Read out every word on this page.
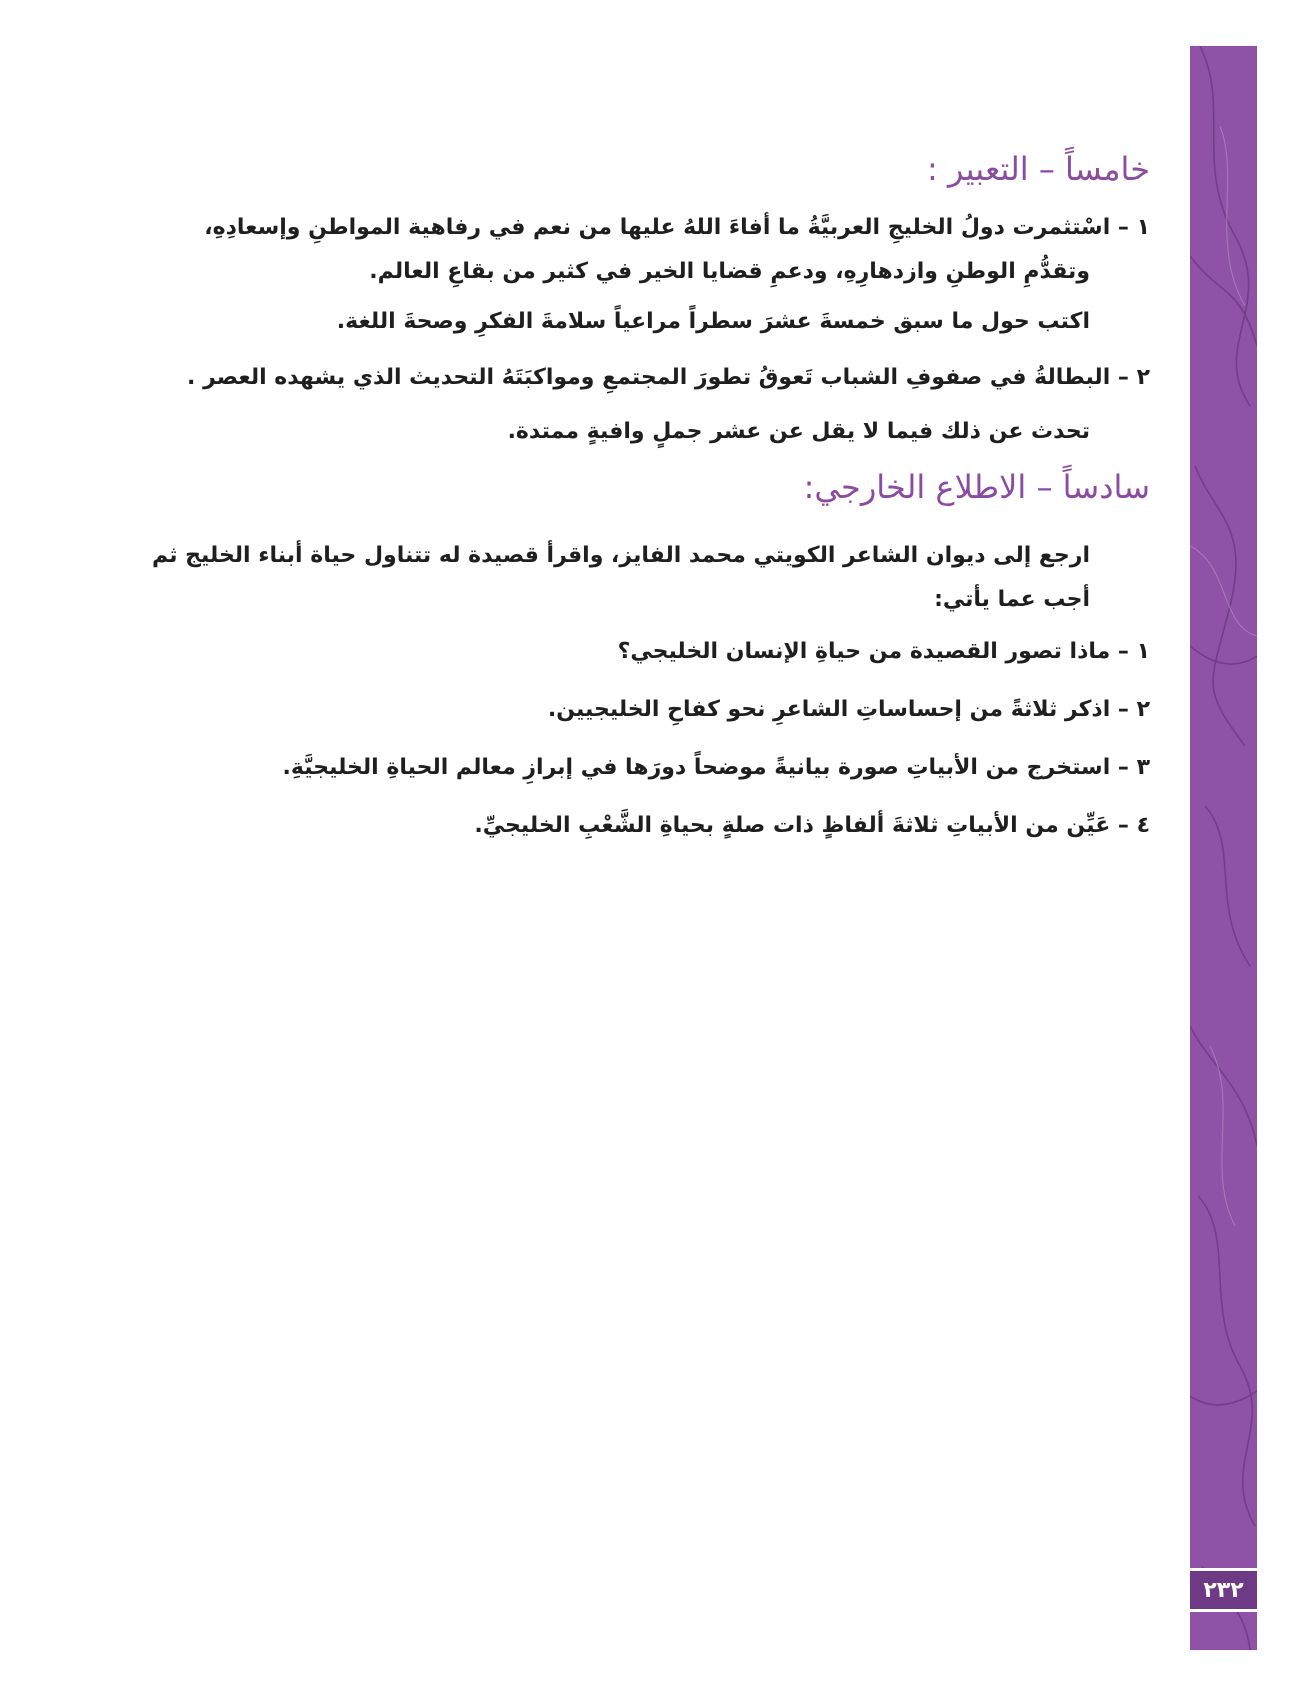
٢٣٢
خامساً – التعبير :

١ – اسْتثمرت دولُ الخليجِ العربيَّةُ ما أفاءَ اللهُ عليها من نعم في رفاهية المواطنِ وإسعادِهِ، وتقدُّمِ الوطنِ وازدهارِهِ، ودعمِ قضايا الخير في كثير من بقاعِ العالم.

اكتب حول ما سبق خمسةَ عشرَ سطراً مراعياً سلامةَ الفكرِ وصحةَ اللغة.

٢ – البطالةُ في صفوفِ الشباب تَعوقُ تطورَ المجتمعِ ومواكبَتَهُ التحديث الذي يشهده العصر .

تحدث عن ذلك فيما لا يقل عن عشر جملٍ وافيةٍ ممتدة.

سادساً – الاطلاع الخارجي:

ارجع إلى ديوان الشاعر الكويتي محمد الفايز، واقرأ قصيدة له تتناول حياة أبناء الخليج ثم أجب عما يأتي:

١ – ماذا تصور القصيدة من حياةِ الإنسان الخليجي؟

٢ – اذكر ثلاثةً من إحساساتِ الشاعرِ نحو كفاحِ الخليجيين.

٣ – استخرج من الأبياتِ صورة بيانيةً موضحاً دورَها في إبرازِ معالم الحياةِ الخليجيَّةِ.

٤ – عَيِّن من الأبياتِ ثلاثةَ ألفاظٍ ذات صلةٍ بحياةِ الشَّعْبِ الخليجيِّ.
